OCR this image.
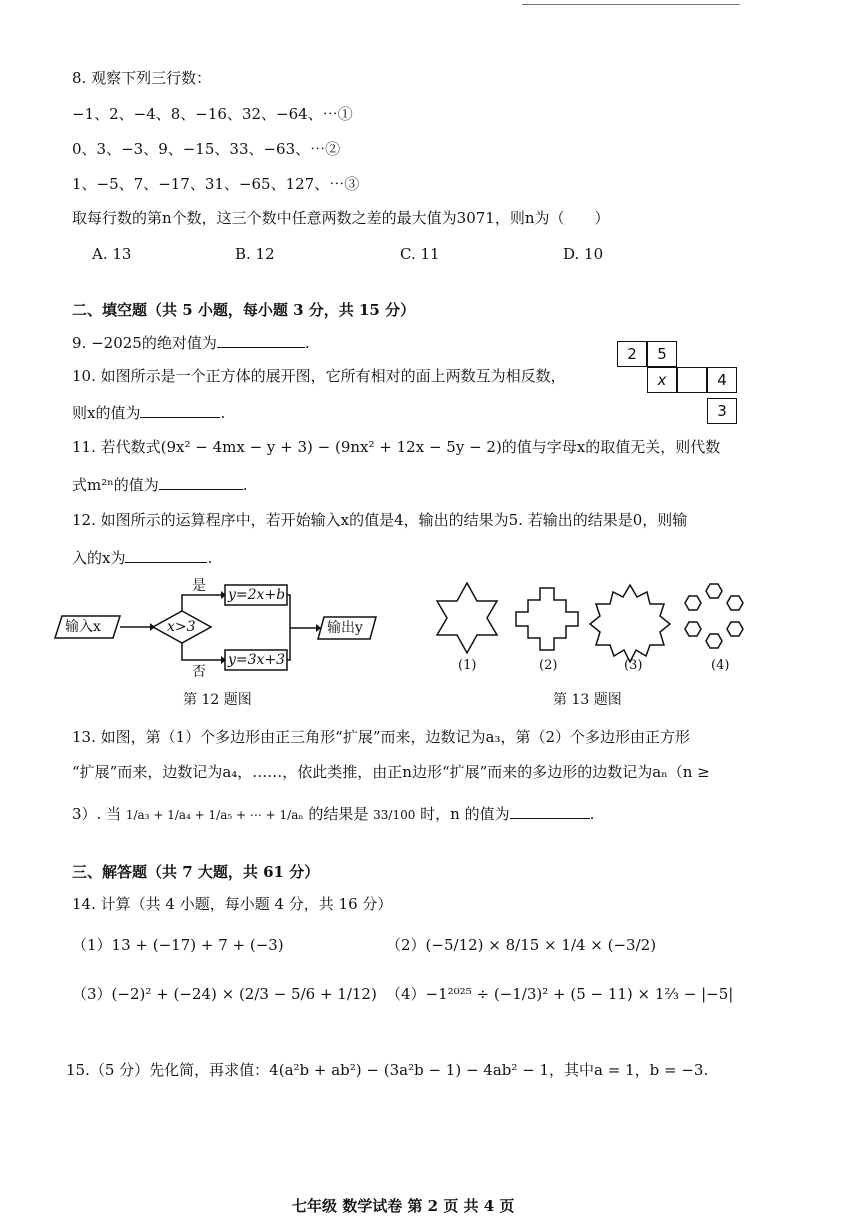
8. 观察下列三行数：
−1、2、−4、8、−16、32、−64、⋯①
0、3、−3、9、−15、33、−63、⋯②
1、−5、7、−17、31、−65、127、⋯③
取每行数的第n个数，这三个数中任意两数之差的最大值为3071，则n为（　　）
A. 13	B. 12	C. 11	D. 10
二、填空题（共 5 小题，每小题 3 分，共 15 分）
9. −2025的绝对值为	.
2	5
x	4
3
10. 如图所示是一个正方体的展开图，它所有相对的面上两数互为相反数，
则x的值为	.
11. 若代数式(9x² − 4mx − y + 3) − (9nx² + 12x − 5y − 2)的值与字母x的取值无关，则代数
式m²ⁿ的值为	.
12. 如图所示的运算程序中，若开始输入x的值是4，输出的结果为5. 若输出的结果是0，则输
入的x为	.
输入x	x>3
是
否
y=2x+b
y=3x+3
输出y
第 12 题图
(1)	(2)	(3)	(4)
第 13 题图
13. 如图，第（1）个多边形由正三角形“扩展”而来，边数记为a₃，第（2）个多边形由正方形
“扩展”而来，边数记为a₄，……，依此类推，由正n边形“扩展”而来的多边形的边数记为aₙ（n ≥
3）. 当 1/a₃ + 1/a₄ + 1/a₅ + ⋯ + 1/aₙ 的结果是 33/100 时，n 的值为	.
三、解答题（共 7 大题，共 61 分）
14. 计算（共 4 小题，每小题 4 分，共 16 分）
（1）13 + (−17) + 7 + (−3)	（2）(−5/12) × 8/15 × 1/4 × (−3/2)
（3）(−2)² + (−24) × (2/3 − 5/6 + 1/12) （4）−1²⁰²⁵ ÷ (−1/3)² + (5 − 11) × 1⅔ − |−5|
15.（5 分）先化简，再求值：4(a²b + ab²) − (3a²b − 1) − 4ab² − 1，其中a = 1，b = −3.
七年级 数学试卷 第 2 页 共 4 页
